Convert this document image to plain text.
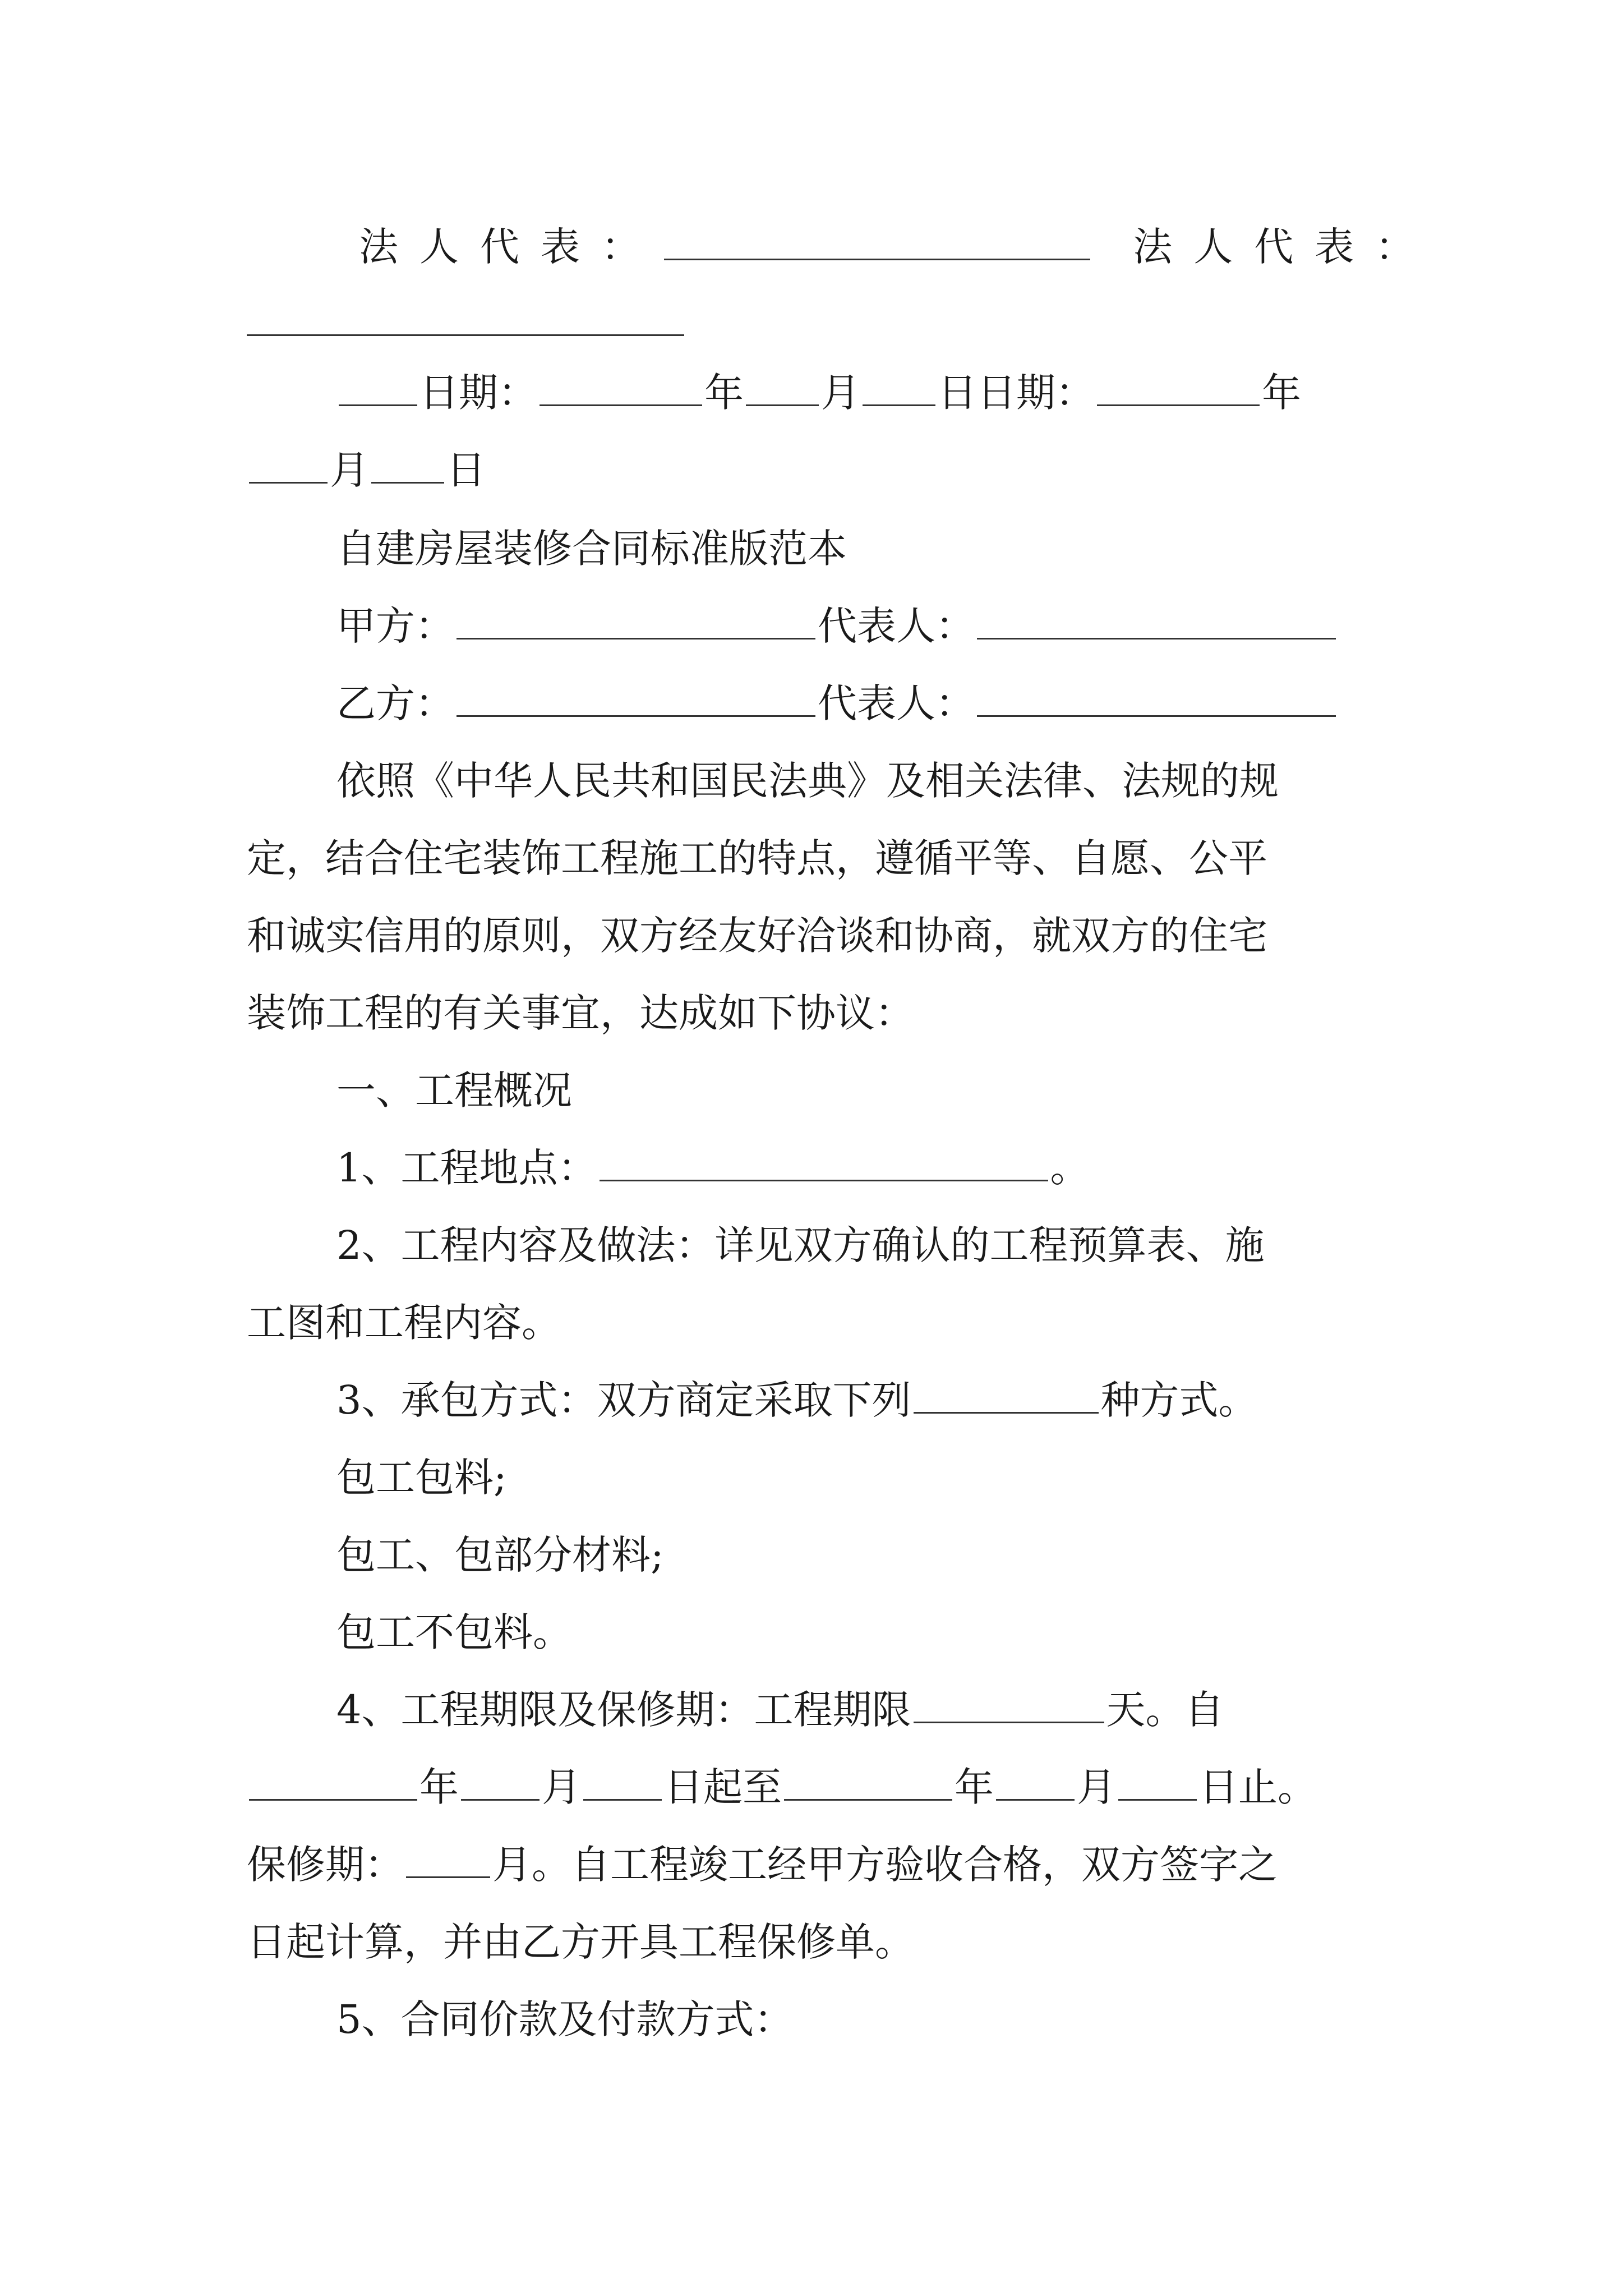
法人代表：	法人代表：
日期：	年 月 日日期：	年
月 日
自建房屋装修合同标准版范本
甲方：	代表人：
乙方：	代表人：
依照《中华人民共和国民法典》及相关法律、法规的规
定，结合住宅装饰工程施工的特点，遵循平等、自愿、公平
和诚实信用的原则，双方经友好洽谈和协商，就双方的住宅
装饰工程的有关事宜，达成如下协议：
一、工程概况
1、工程地点：	。
2、工程内容及做法：详见双方确认的工程预算表、施
工图和工程内容。
3、承包方式：双方商定采取下列	种方式。
包工包料;
包工、包部分材料;
包工不包料。
4、工程期限及保修期：工程期限	天。自
年 月 日起至	年 月 日止。
保修期： 月。自工程竣工经甲方验收合格，双方签字之
日起计算，并由乙方开具工程保修单。
5、合同价款及付款方式：
